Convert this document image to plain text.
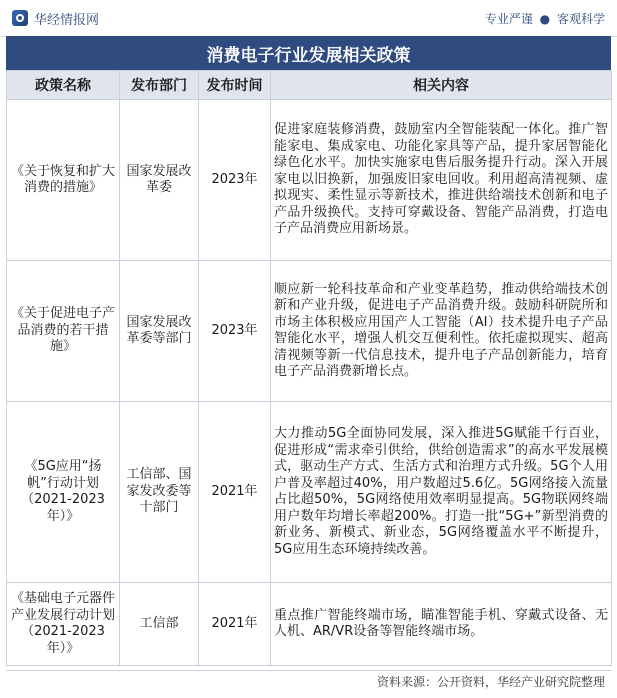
华经情报网	专业严谨 ● 客观科学
消费电子行业发展相关政策
政策名称	发布部门	发布时间	相关内容
《关于恢复和扩大消费的措施》	国家发展改革委	2023年	促进家庭装修消费，鼓励室内全智能装配一体化。推广智能家电、集成家电、功能化家具等产品，提升家居智能化绿色化水平。加快实施家电售后服务提升行动。深入开展家电以旧换新，加强废旧家电回收。利用超高清视频、虚拟现实、柔性显示等新技术，推进供给端技术创新和电子产品升级换代。支持可穿戴设备、智能产品消费，打造电子产品消费应用新场景。
《关于促进电子产品消费的若干措施》	国家发展改革委等部门	2023年	顺应新一轮科技革命和产业变革趋势，推动供给端技术创新和产业升级，促进电子产品消费升级。鼓励科研院所和市场主体积极应用国产人工智能（AI）技术提升电子产品智能化水平，增强人机交互便利性。依托虚拟现实、超高清视频等新一代信息技术，提升电子产品创新能力，培育电子产品消费新增长点。
《5G应用“扬帆”行动计划（2021-2023年）》	工信部、国家发改委等十部门	2021年	大力推动5G全面协同发展，深入推进5G赋能千行百业，促进形成“需求牵引供给，供给创造需求”的高水平发展模式，驱动生产方式、生活方式和治理方式升级。5G个人用户普及率超过40%，用户数超过5.6亿。5G网络接入流量占比超50%，5G网络使用效率明显提高。5G物联网终端用户数年均增长率超200%。打造一批“5G+”新型消费的新业务、新模式、新业态，5G网络覆盖水平不断提升，5G应用生态环境持续改善。
《基础电子元器件产业发展行动计划（2021-2023年）》	工信部	2021年	重点推广智能终端市场，瞄准智能手机、穿戴式设备、无人机、AR/VR设备等智能终端市场。
资料来源：公开资料，华经产业研究院整理
